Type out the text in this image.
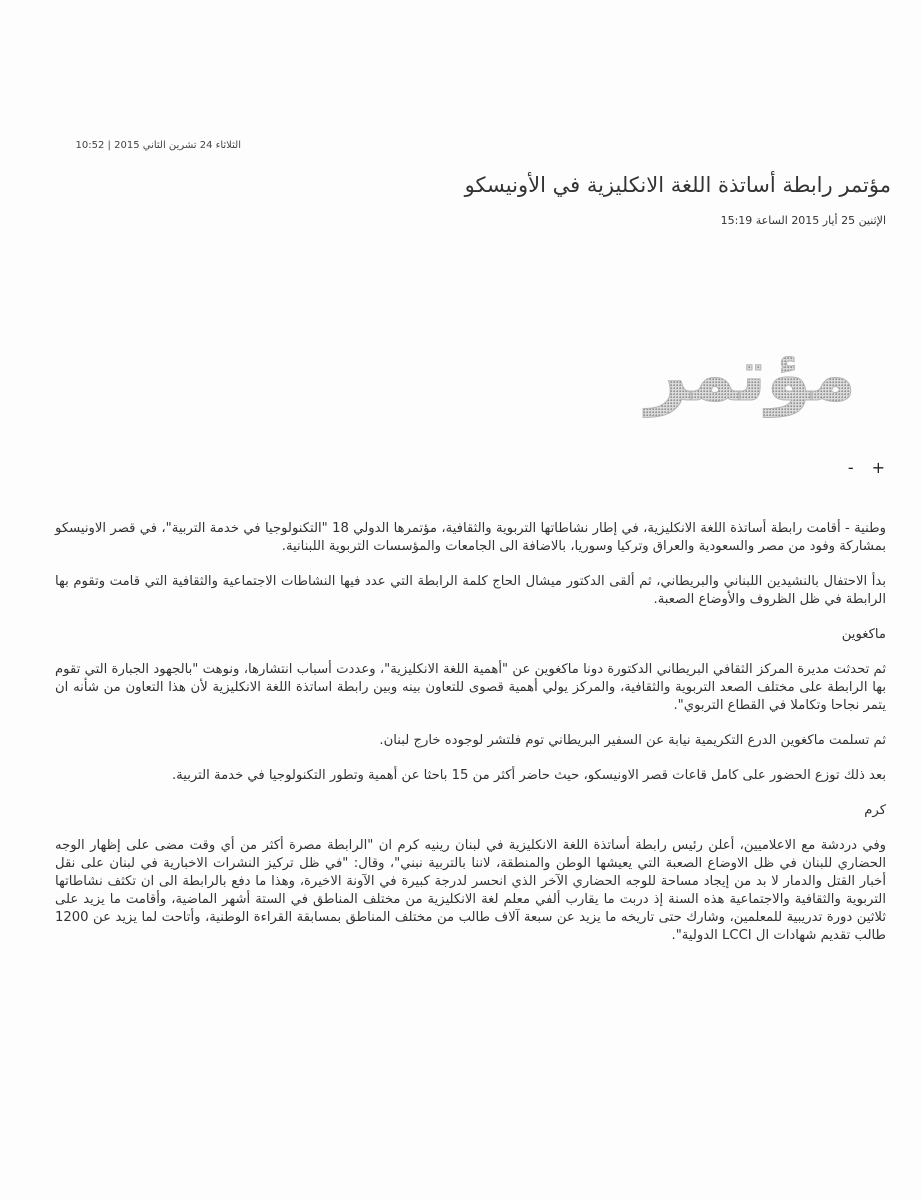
الثلاثاء 24 تشرين الثاني 2015 | 10:52
مؤتمر رابطة أساتذة اللغة الانكليزية في الأونيسكو
الإثنين 25 أيار 2015 الساعة 15:19
مؤتمر
+
-

وطنية - أقامت رابطة أساتذة اللغة الانكليزية، في إطار نشاطاتها التربوية والثقافية، مؤتمرها الدولي 18 "التكنولوجيا في خدمة التربية"، في قصر الاونيسكو بمشاركة وفود من مصر والسعودية والعراق وتركيا وسوريا، بالاضافة الى الجامعات والمؤسسات التربوية اللبنانية.

بدأ الاحتفال بالنشيدين اللبناني والبريطاني، ثم ألقى الدكتور ميشال الحاج كلمة الرابطة التي عدد فيها النشاطات الاجتماعية والثقافية التي قامت وتقوم بها الرابطة في ظل الظروف والأوضاع الصعبة.

ماكغوين

ثم تحدثت مديرة المركز الثقافي البريطاني الدكتورة دونا ماكغوين عن "أهمية اللغة الانكليزية"، وعددت أسباب انتشارها، ونوهت "بالجهود الجبارة التي تقوم بها الرابطة على مختلف الصعد التربوية والثقافية، والمركز يولي أهمية قصوى للتعاون بينه وبين رابطة اساتذة اللغة الانكليزية لأن هذا التعاون من شأنه ان يتمر نجاحا وتكاملا في القطاع التربوي".

ثم تسلمت ماكغوين الدرع التكريمية نيابة عن السفير البريطاني توم فلتشر لوجوده خارج لبنان.

بعد ذلك توزع الحضور على كامل قاعات قصر الاونيسكو، حيث حاضر أكثر من 15 باحثا عن أهمية وتطور التكنولوجيا في خدمة التربية.

كرم

وفي دردشة مع الاعلاميين، أعلن رئيس رابطة أساتذة اللغة الانكليزية في لبنان رينيه كرم ان "الرابطة مصرة أكثر من أي وقت مضى على إظهار الوجه الحضاري للبنان في ظل الاوضاع الصعبة التي يعيشها الوطن والمنطقة، لاننا بالتربية نبني"، وقال: "في ظل تركيز النشرات الاخبارية في لبنان على نقل أخبار القتل والدمار لا بد من إيجاد مساحة للوجه الحضاري الآخر الذي انحسر لدرجة كبيرة في الآونة الاخيرة، وهذا ما دفع بالرابطة الى ان تكثف نشاطاتها التربوية والثقافية والاجتماعية هذه السنة إذ دربت ما يقارب ألفي معلم لغة الانكليزية من مختلف المناطق في الستة أشهر الماضية، وأقامت ما يزيد على ثلاثين دورة تدريبية للمعلمين، وشارك حتى تاريخه ما يزيد عن سبعة آلاف طالب من مختلف المناطق بمسابقة القراءة الوطنية، وأتاحت لما يزيد عن 1200 طالب تقديم شهادات ال LCCI الدولية".
